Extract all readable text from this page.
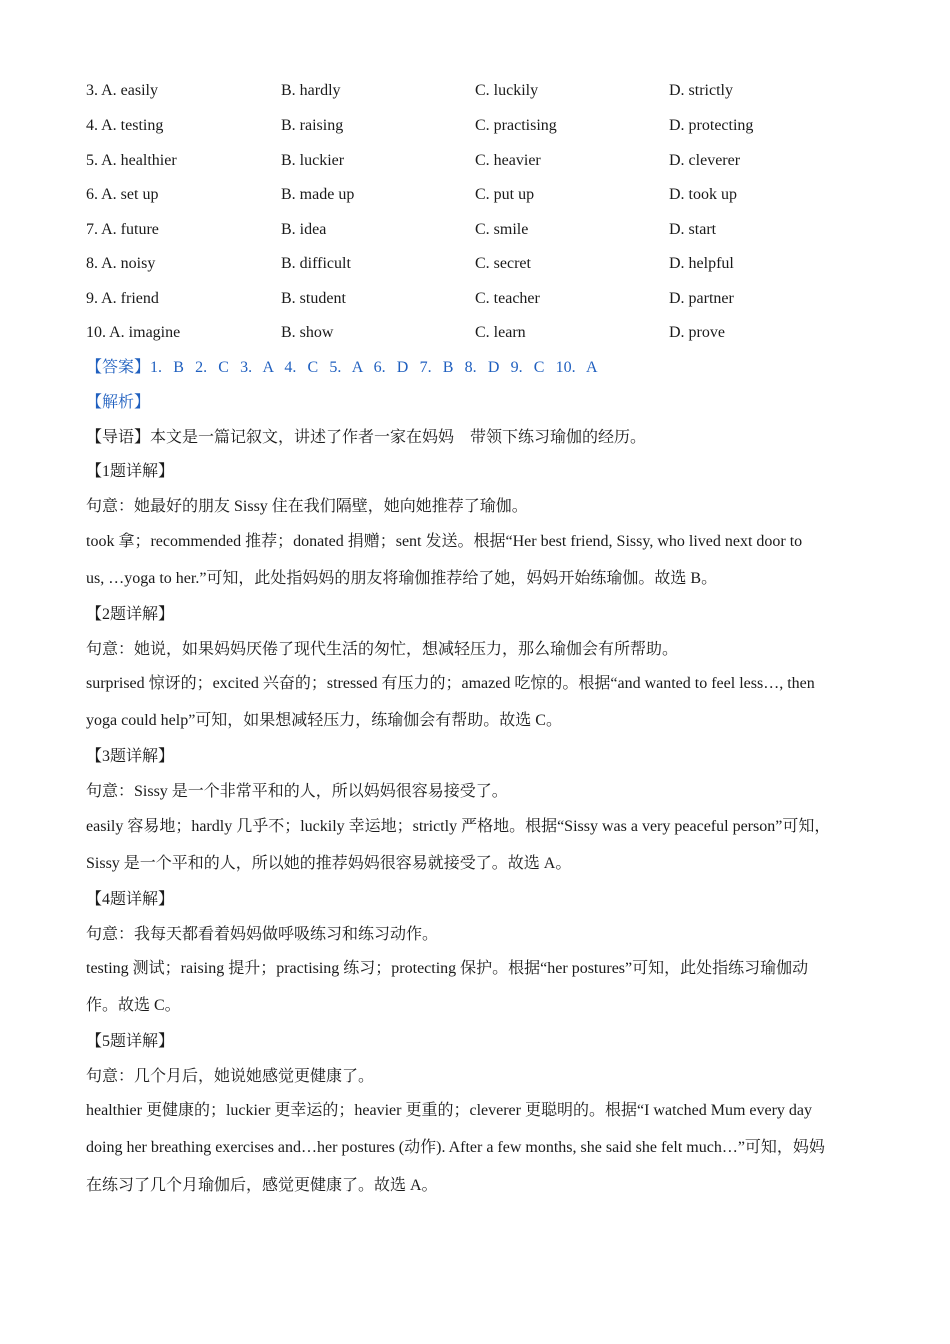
3. A. easily	B. hardly	C. luckily	D. strictly
4. A. testing	B. raising	C. practising	D. protecting
5. A. healthier	B. luckier	C. heavier	D. cleverer
6. A. set up	B. made up	C. put up	D. took up
7. A. future	B. idea	C. smile	D. start
8. A. noisy	B. difficult	C. secret	D. helpful
9. A. friend	B. student	C. teacher	D. partner
10. A. imagine	B. show	C. learn	D. prove
【答案】1. B 2. C 3. A 4. C 5. A 6. D 7. B 8. D 9. C 10. A
【解析】
【导语】本文是一篇记叙文，讲述了作者一家在妈妈　带领下练习瑜伽的经历。
【1题详解】
句意：她最好的朋友 Sissy 住在我们隔壁，她向她推荐了瑜伽。
took 拿；recommended 推荐；donated 捐赠；sent 发送。根据“Her best friend, Sissy, who lived next door to
us, …yoga to her.”可知，此处指妈妈的朋友将瑜伽推荐给了她，妈妈开始练瑜伽。故选 B。
【2题详解】
句意：她说，如果妈妈厌倦了现代生活的匆忙，想减轻压力，那么瑜伽会有所帮助。
surprised 惊讶的；excited 兴奋的；stressed 有压力的；amazed 吃惊的。根据“and wanted to feel less…, then
yoga could help”可知，如果想减轻压力，练瑜伽会有帮助。故选 C。
【3题详解】
句意：Sissy 是一个非常平和的人，所以妈妈很容易接受了。
easily 容易地；hardly 几乎不；luckily 幸运地；strictly 严格地。根据“Sissy was a very peaceful person”可知，
Sissy 是一个平和的人，所以她的推荐妈妈很容易就接受了。故选 A。
【4题详解】
句意：我每天都看着妈妈做呼吸练习和练习动作。
testing 测试；raising 提升；practising 练习；protecting 保护。根据“her postures”可知，此处指练习瑜伽动
作。故选 C。
【5题详解】
句意：几个月后，她说她感觉更健康了。
healthier 更健康的；luckier 更幸运的；heavier 更重的；cleverer 更聪明的。根据“I watched Mum every day
doing her breathing exercises and…her postures (动作). After a few months, she said she felt much…”可知，妈妈
在练习了几个月瑜伽后，感觉更健康了。故选 A。
